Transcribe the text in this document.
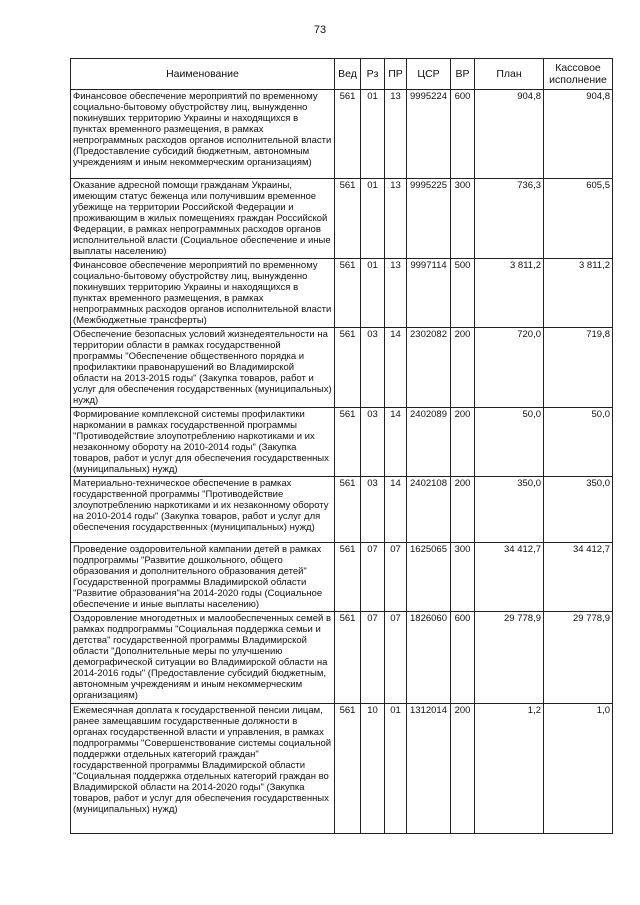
73
Наименование	Вед	Рз	ПР	ЦСР	ВР	План	Кассовое исполнение
Финансовое обеспечение мероприятий по временному социально-бытовому обустройству лиц, вынужденно покинувших территорию Украины и находящихся в пунктах временного размещения, в рамках непрограммных расходов органов исполнительной власти (Предоставление субсидий бюджетным, автономным учреждениям и иным некоммерческим организациям)	561	01	13	9995224	600	904,8	904,8
Оказание адресной помощи гражданам Украины, имеющим статус беженца или получившим временное убежище на территории Российской Федерации и проживающим в жилых помещениях граждан Российской Федерации, в рамках непрограммных расходов органов исполнительной власти (Социальное обеспечение и иные выплаты населению)	561	01	13	9995225	300	736,3	605,5
Финансовое обеспечение мероприятий по временному социально-бытовому обустройству лиц, вынужденно покинувших территорию Украины и находящихся в пунктах временного размещения, в рамках непрограммных расходов органов исполнительной власти (Межбюджетные трансферты)	561	01	13	9997114	500	3 811,2	3 811,2
Обеспечение безопасных условий жизнедеятельности на территории области в рамках государственной программы "Обеспечение общественного порядка и профилактики правонарушений во Владимирской области на 2013-2015 годы" (Закупка товаров, работ и услуг для обеспечения государственных (муниципальных) нужд)	561	03	14	2302082	200	720,0	719,8
Формирование комплексной системы профилактики наркомании в рамках государственной программы "Противодействие злоупотреблению наркотиками и их незаконному обороту на 2010-2014 годы" (Закупка товаров, работ и услуг для обеспечения государственных (муниципальных) нужд)	561	03	14	2402089	200	50,0	50,0
Материально-техническое обеспечение в рамках государственной программы "Противодействие злоупотреблению наркотиками и их незаконному обороту на 2010-2014 годы" (Закупка товаров, работ и услуг для обеспечения государственных (муниципальных) нужд)	561	03	14	2402108	200	350,0	350,0
Проведение оздоровительной кампании детей в рамках подпрограммы "Развитие дошкольного, общего образования и дополнительного образования детей" Государственной программы Владимирской области "Развитие образования"на 2014-2020 годы (Социальное обеспечение и иные выплаты населению)	561	07	07	1625065	300	34 412,7	34 412,7
Оздоровление многодетных и малообеспеченных семей в рамках подпрограммы "Социальная поддержка семьи и детства" государственной программы Владимирской области "Дополнительные меры по улучшению демографической ситуации во Владимирской области на 2014-2016 годы" (Предоставление субсидий бюджетным, автономным учреждениям и иным некоммерческим организациям)	561	07	07	1826060	600	29 778,9	29 778,9
Ежемесячная доплата к государственной пенсии лицам, ранее замещавшим государственные должности в органах государственной власти и управления, в рамках подпрограммы "Совершенствование системы социальной поддержки отдельных категорий граждан" государственной программы Владимирской области "Социальная поддержка отдельных категорий граждан во Владимирской области на 2014-2020 годы" (Закупка товаров, работ и услуг для обеспечения государственных (муниципальных) нужд)	561	10	01	1312014	200	1,2	1,0
